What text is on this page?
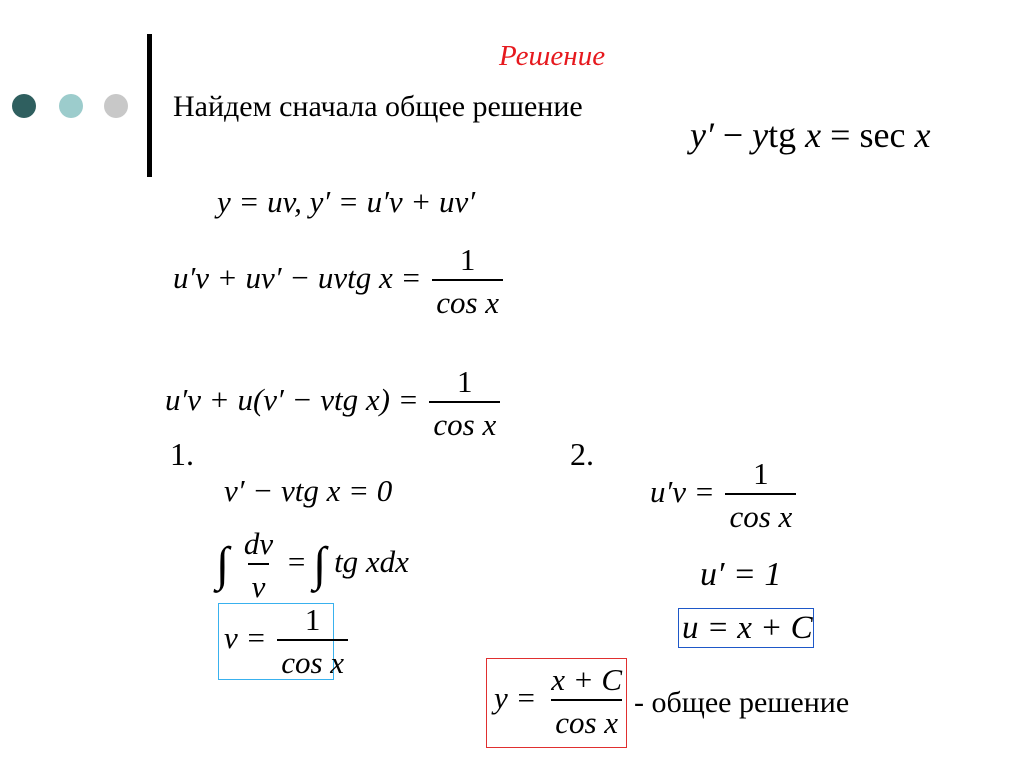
Решение
Найдем сначала общее решение
y′ − ytg x = sec x
y = uv, y′ = u′v + uv′
u′v + uv′ − uvtg $x = \frac{1}{\text{cos x}}$
u′v + u(v′ − vtg $x) = \frac{1}{\text{cos x}}$
1.
v′ − vtg x = 0
∫ $\frac{dv}{v}$ = ∫ tg xdx
$v = \frac{1}{\text{cos x}}$
2.
$u'v = \frac{1}{\text{cos x}}$
u′ = 1
u = x + C
$y = \frac{x + C}{\text{cos x}}$ - общее решение
